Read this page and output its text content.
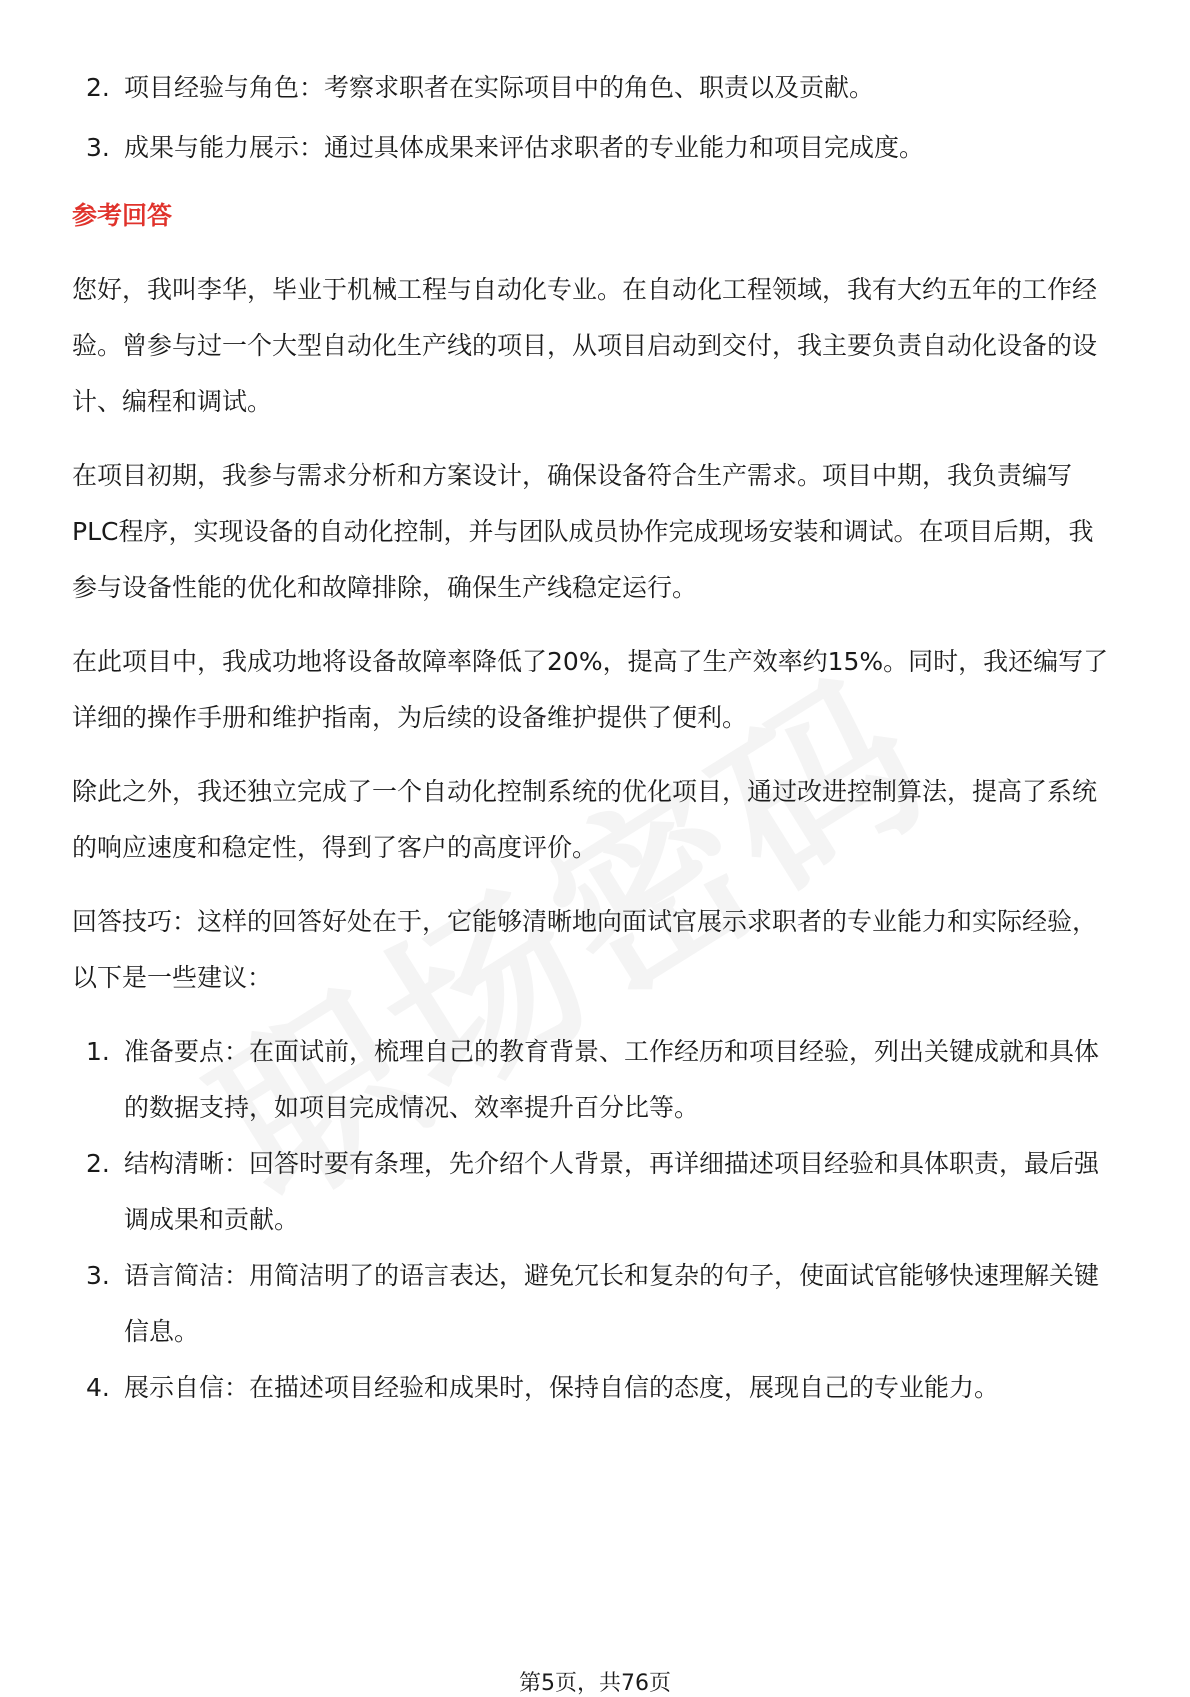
2. 项目经验与角色：考察求职者在实际项目中的角色、职责以及贡献。
3. 成果与能力展示：通过具体成果来评估求职者的专业能力和项目完成度。
参考回答

您好，我叫李华，毕业于机械工程与自动化专业。在自动化工程领域，我有大约五年的工作经验。曾参与过一个大型自动化生产线的项目，从项目启动到交付，我主要负责自动化设备的设计、编程和调试。

在项目初期，我参与需求分析和方案设计，确保设备符合生产需求。项目中期，我负责编写PLC程序，实现设备的自动化控制，并与团队成员协作完成现场安装和调试。在项目后期，我参与设备性能的优化和故障排除，确保生产线稳定运行。

在此项目中，我成功地将设备故障率降低了20%，提高了生产效率约15%。同时，我还编写了详细的操作手册和维护指南，为后续的设备维护提供了便利。

除此之外，我还独立完成了一个自动化控制系统的优化项目，通过改进控制算法，提高了系统的响应速度和稳定性，得到了客户的高度评价。

回答技巧：这样的回答好处在于，它能够清晰地向面试官展示求职者的专业能力和实际经验，以下是一些建议：

1. 准备要点：在面试前，梳理自己的教育背景、工作经历和项目经验，列出关键成就和具体的数据支持，如项目完成情况、效率提升百分比等。
2. 结构清晰：回答时要有条理，先介绍个人背景，再详细描述项目经验和具体职责，最后强调成果和贡献。
3. 语言简洁：用简洁明了的语言表达，避免冗长和复杂的句子，使面试官能够快速理解关键信息。
4. 展示自信：在描述项目经验和成果时，保持自信的态度，展现自己的专业能力。
第5页，共76页
